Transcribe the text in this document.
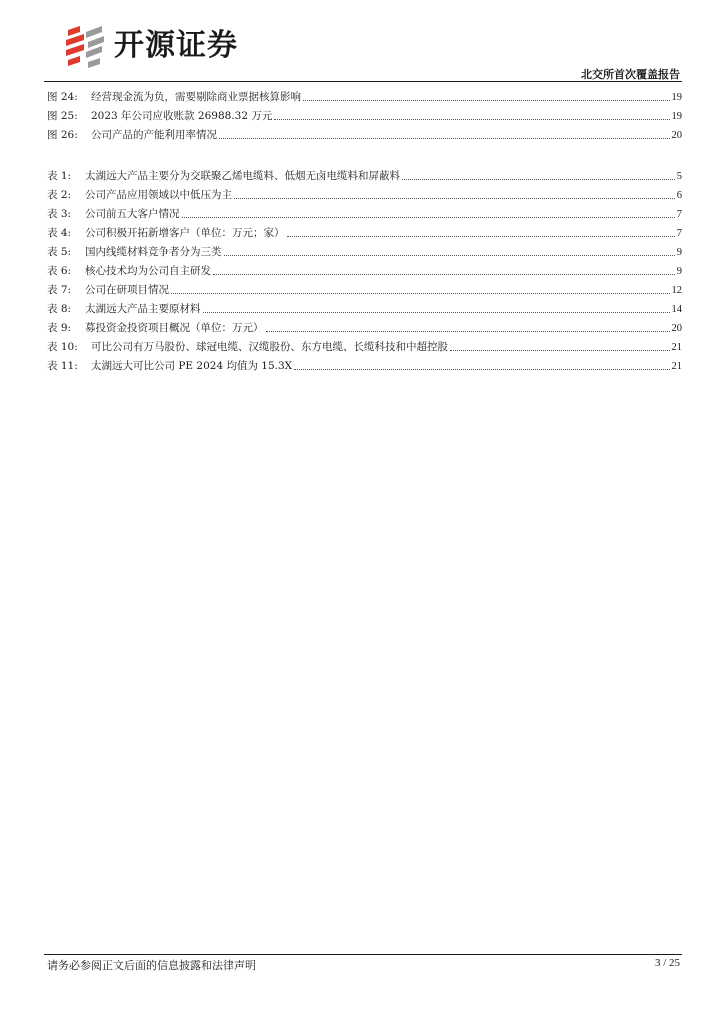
开源证券
北交所首次覆盖报告
图 24:	经营现金流为负，需要剔除商业票据核算影响	19
图 25:	2023 年公司应收账款 26988.32 万元	19
图 26:	公司产品的产能利用率情况	20
表 1:	太湖远大产品主要分为交联聚乙烯电缆料、低烟无卤电缆料和屏蔽料	5
表 2:	公司产品应用领域以中低压为主	6
表 3:	公司前五大客户情况	7
表 4:	公司积极开拓新增客户（单位：万元；家）	7
表 5:	国内线缆材料竞争者分为三类	9
表 6:	核心技术均为公司自主研发	9
表 7:	公司在研项目情况	12
表 8:	太湖远大产品主要原材料	14
表 9:	募投资金投资项目概况（单位：万元）	20
表 10:	可比公司有万马股份、球冠电缆、汉缆股份、东方电缆、长缆科技和中超控股	21
表 11:	太湖远大可比公司 PE 2024 均值为 15.3X	21
请务必参阅正文后面的信息披露和法律声明	3 / 25
